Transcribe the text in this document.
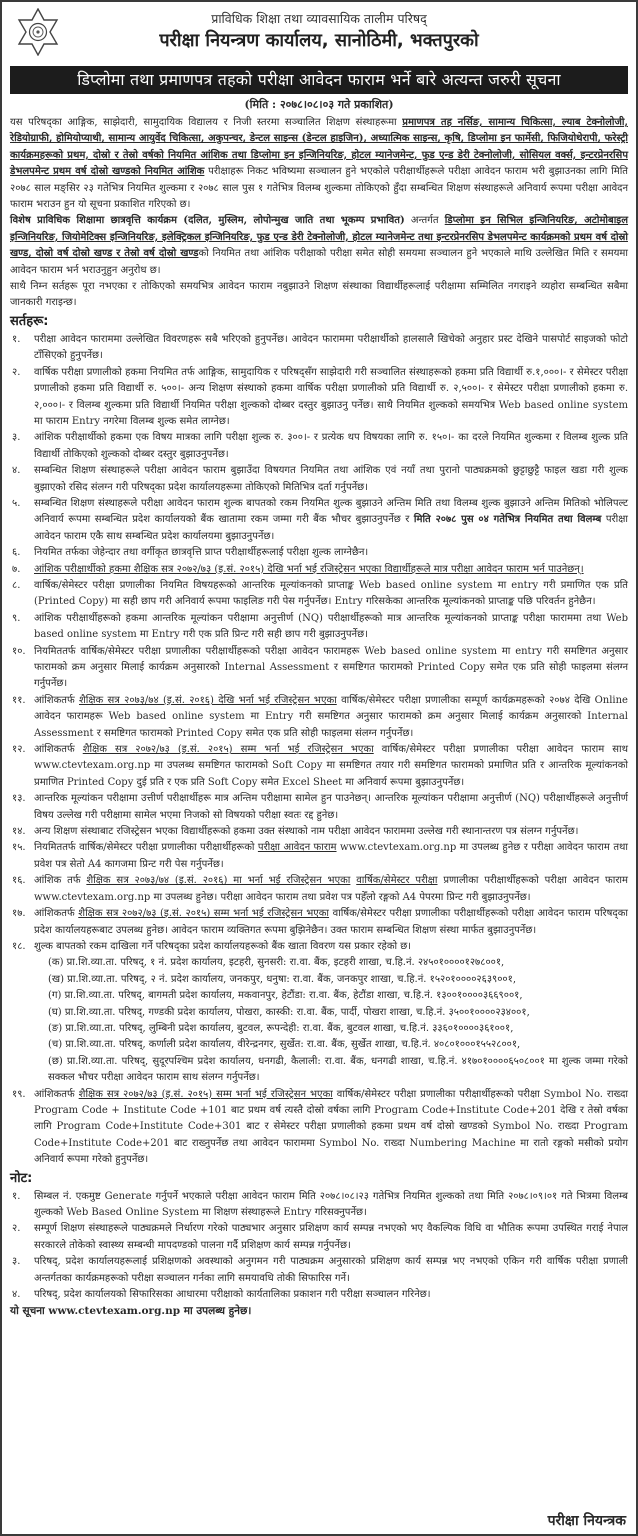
प्राविधिक शिक्षा तथा व्यावसायिक तालीम परिषद्
परीक्षा नियन्त्रण कार्यालय, सानोठिमी, भक्तपुरको
डिप्लोमा तथा प्रमाणपत्र तहको परीक्षा आवेदन फाराम भर्ने बारे अत्यन्त जरुरी सूचना
(मिति : २०७८।०८।०३ गते प्रकाशित)

यस परिषद्का आङ्गिक, साझेदारी, सामुदायिक विद्यालय र निजी स्तरमा सञ्चालित शिक्षण संस्थाहरूमा प्रमाणपत्र तह नर्सिङ, सामान्य चिकित्सा, ल्याब टेक्नोलोजी, रेडियोग्राफी, होमियोप्याथी, सामान्य आयुर्वेद चिकित्सा, अकुपन्चर, डेन्टल साइन्स (डेन्टल हाइजिन), अध्यात्मिक साइन्स, कृषि, डिप्लोमा इन फार्मेसी, फिजियोथेरापी, फरेस्ट्री कार्यक्रमहरूको प्रथम, दोस्रो र तेस्रो वर्षको नियमित आंशिक तथा डिप्लोमा इन इन्जिनियरिङ, होटल म्यानेजमेन्ट, फुड एन्ड डेरी टेक्नोलोजी, सोसियल वर्क्स, इन्टरप्रेनरसिप डेभलपमेन्ट प्रथम वर्ष दोस्रो खण्डको नियमित आंशिक परीक्षाहरू निकट भविष्यमा सञ्चालन हुने भएकोले परीक्षार्थीहरूले परीक्षा आवेदन फाराम भरी बुझाउनका लागि मिति २०७८ साल मङ्सिर २३ गतेभित्र नियमित शुल्कमा र २०७८ साल पुस १ गतेभित्र विलम्ब शुल्कमा तोकिएको हुँदा सम्बन्धित शिक्षण संस्थाहरूले अनिवार्य रूपमा परीक्षा आवेदन फाराम भराउन हुन यो सूचना प्रकाशित गरिएको छ।

विशेष प्राविधिक शिक्षामा छात्रवृत्ति कार्यक्रम (दलित, मुस्लिम, लोपोन्मुख जाति तथा भूकम्प प्रभावित) अन्तर्गत डिप्लोमा इन सिभिल इन्जिनियरिङ, अटोमोबाइल इन्जिनियरिङ, जियोमेटिक्स इन्जिनियरिङ, इलेक्ट्रिकल इन्जिनियरिङ, फुड एन्ड डेरी टेक्नोलोजी, होटल म्यानेजमेन्ट तथा इन्टरप्रेनरसिप डेभलपमेन्ट कार्यक्रमको प्रथम वर्ष दोस्रो खण्ड, दोस्रो वर्ष दोस्रो खण्ड र तेस्रो वर्ष दोस्रो खण्डको नियमित तथा आंशिक परीक्षाको परीक्षा समेत सोही समयमा सञ्चालन हुने भएकाले माथि उल्लेखित मिति र समयमा आवेदन फाराम भर्न भराउनुहुन अनुरोध छ।

साथै निम्न सर्तहरू पूरा नभएका र तोकिएको समयभित्र आवेदन फाराम नबुझाउने शिक्षण संस्थाका विद्यार्थीहरूलाई परीक्षामा सम्मिलित नगराइने व्यहोरा सम्बन्धित सबैमा जानकारी गराइन्छ।

सर्तहरू:
१. परीक्षा आवेदन फाराममा उल्लेखित विवरणहरू सबै भरिएको हुनुपर्नेछ। आवेदन फाराममा परीक्षार्थीको हालसालै खिचेको अनुहार प्रस्ट देखिने पासपोर्ट साइजको फोटो टाँसिएको हुनुपर्नेछ।
२. वार्षिक परीक्षा प्रणालीको हकमा नियमित तर्फ आङ्गिक, सामुदायिक र परिषद्सँग साझेदारी गरी सञ्चालित संस्थाहरूको हकमा प्रति विद्यार्थी रु.१,०००।- र सेमेस्टर परीक्षा प्रणालीको हकमा प्रति विद्यार्थी रु. ५००।- अन्य शिक्षण संस्थाको हकमा वार्षिक परीक्षा प्रणालीको प्रति विद्यार्थी रु. २,५००।- र सेमेस्टर परीक्षा प्रणालीको हकमा रु. २,०००।- र विलम्ब शुल्कमा प्रति विद्यार्थी नियमित परीक्षा शुल्कको दोब्बर दस्तुर बुझाउनु पर्नेछ। साथै नियमित शुल्कको समयभित्र Web based online system मा फाराम Entry नगरेमा विलम्ब शुल्क समेत लाग्नेछ।
३. आंशिक परीक्षार्थीको हकमा एक विषय मात्रका लागि परीक्षा शुल्क रु. ३००।- र प्रत्येक थप विषयका लागि रु. १५०।- का दरले नियमित शुल्कमा र विलम्ब शुल्क प्रति विद्यार्थी तोकिएको शुल्कको दोब्बर दस्तुर बुझाउनुपर्नेछ।
४. सम्बन्धित शिक्षण संस्थाहरूले परीक्षा आवेदन फाराम बुझाउँदा विषयगत नियमित तथा आंशिक एवं नयाँ तथा पुरानो पाठ्यक्रमको छुट्टाछुट्टै फाइल खडा गरी शुल्क बुझाएको रसिद संलग्न गरी परिषद्का प्रदेश कार्यालयहरूमा तोकिएको मितिभित्र दर्ता गर्नुपर्नेछ।
५. सम्बन्धित शिक्षण संस्थाहरूले परीक्षा आवेदन फाराम शुल्क बापतको रकम नियमित शुल्क बुझाउने अन्तिम मिति तथा विलम्ब शुल्क बुझाउने अन्तिम मितिको भोलिपल्ट अनिवार्य रूपमा सम्बन्धित प्रदेश कार्यालयको बैंक खातामा रकम जम्मा गरी बैंक भौचर बुझाउनुपर्नेछ र मिति २०७८ पुस ०४ गतेभित्र नियमित तथा विलम्ब परीक्षा आवेदन फाराम एकै साथ सम्बन्धित प्रदेश कार्यालयमा बुझाउनुपर्नेछ।
६. नियमित तर्फका जेहेन्दार तथा वर्गीकृत छात्रवृत्ति प्राप्त परीक्षार्थीहरूलाई परीक्षा शुल्क लाग्नेछैन।
७. आंशिक परीक्षार्थीको हकमा शैक्षिक सत्र २०७२/७३ (इ.सं. २०१५) देखि भर्ना भई रजिस्ट्रेसन भएका विद्यार्थीहरूले मात्र परीक्षा आवेदन फाराम भर्न पाउनेछन्।
८. वार्षिक/सेमेस्टर परीक्षा प्रणालीका नियमित विषयहरूको आन्तरिक मूल्यांकनको प्राप्ताङ्क Web based online system मा entry गरी प्रमाणित एक प्रति (Printed Copy) मा सही छाप गरी अनिवार्य रूपमा फाइलिङ गरी पेस गर्नुपर्नेछ। Entry गरिसकेका आन्तरिक मूल्यांकनको प्राप्ताङ्क पछि परिवर्तन हुनेछैन।
९. आंशिक परीक्षार्थीहरूको हकमा आन्तरिक मूल्यांकन परीक्षामा अनुत्तीर्ण (NQ) परीक्षार्थीहरूको मात्र आन्तरिक मूल्यांकनको प्राप्ताङ्क परीक्षा फाराममा तथा Web based online system मा Entry गरी एक प्रति प्रिन्ट गरी सही छाप गरी बुझाउनुपर्नेछ।
१०. नियमिततर्फ वार्षिक/सेमेस्टर परीक्षा प्रणालीका परीक्षार्थीहरूको परीक्षा आवेदन फारामहरू Web based online system मा entry गरी समष्टिगत अनुसार फारामको क्रम अनुसार मिलाई कार्यक्रम अनुसारको Internal Assessment र समष्टिगत फारामको Printed Copy समेत एक प्रति सोही फाइलमा संलग्न गर्नुपर्नेछ।
११. आंशिकतर्फ शैक्षिक सत्र २०७३/७४ (इ.सं. २०१६) देखि भर्ना भई रजिस्ट्रेसन भएका वार्षिक/सेमेस्टर परीक्षा प्रणालीका सम्पूर्ण कार्यक्रमहरूको २०७४ देखि Online आवेदन फारामहरू Web based online system मा Entry गरी समष्टिगत अनुसार फारामको क्रम अनुसार मिलाई कार्यक्रम अनुसारको Internal Assessment र समष्टिगत फारामको Printed Copy समेत एक प्रति सोही फाइलमा संलग्न गर्नुपर्नेछ।
१२. आंशिकतर्फ शैक्षिक सत्र २०७२/७३ (इ.सं. २०१५) सम्म भर्ना भई रजिस्ट्रेसन भएका वार्षिक/सेमेस्टर परीक्षा प्रणालीका परीक्षा आवेदन फाराम साथ www.ctevtexam.org.np मा उपलब्ध समष्टिगत फारामको Soft Copy मा समष्टिगत तयार गरी समष्टिगत फारामको प्रमाणित प्रति र आन्तरिक मूल्यांकनको प्रमाणित Printed Copy दुई प्रति र एक प्रति Soft Copy समेत Excel Sheet मा अनिवार्य रूपमा बुझाउनुपर्नेछ।
१३. आन्तरिक मूल्यांकन परीक्षामा उत्तीर्ण परीक्षार्थीहरू मात्र अन्तिम परीक्षामा सामेल हुन पाउनेछन्। आन्तरिक मूल्यांकन परीक्षामा अनुत्तीर्ण (NQ) परीक्षार्थीहरूले अनुत्तीर्ण विषय उल्लेख गरी परीक्षामा सामेल भएमा निजको सो विषयको परीक्षा स्वतः रद्द हुनेछ।
१४. अन्य शिक्षण संस्थाबाट रजिस्ट्रेसन भएका विद्यार्थीहरूको हकमा उक्त संस्थाको नाम परीक्षा आवेदन फाराममा उल्लेख गरी स्थानान्तरण पत्र संलग्न गर्नुपर्नेछ।
१५. नियमिततर्फ वार्षिक/सेमेस्टर परीक्षा प्रणालीका परीक्षार्थीहरूको परीक्षा आवेदन फाराम www.ctevtexam.org.np मा उपलब्ध हुनेछ र परीक्षा आवेदन फाराम तथा प्रवेश पत्र सेतो A4 कागजमा प्रिन्ट गरी पेस गर्नुपर्नेछ।
१६. आंशिक तर्फ शैक्षिक सत्र २०७३/७४ (इ.सं. २०१६) मा भर्ना भई रजिस्ट्रेसन भएका वार्षिक/सेमेस्टर परीक्षा प्रणालीका परीक्षार्थीहरूको परीक्षा आवेदन फाराम www.ctevtexam.org.np मा उपलब्ध हुनेछ। परीक्षा आवेदन फाराम तथा प्रवेश पत्र पहेँलो रङ्गको A4 पेपरमा प्रिन्ट गरी बुझाउनुपर्नेछ।
१७. आंशिकतर्फ शैक्षिक सत्र २०७२/७३ (इ.सं. २०१५) सम्म भर्ना भई रजिस्ट्रेसन भएका वार्षिक/सेमेस्टर परीक्षा प्रणालीका परीक्षार्थीहरूको परीक्षा आवेदन फाराम परिषद्का प्रदेश कार्यालयहरूबाट उपलब्ध हुनेछ। आवेदन फाराम व्यक्तिगत रूपमा बुझिनेछैन। उक्त फाराम सम्बन्धित शिक्षण संस्था मार्फत बुझाउनुपर्नेछ।
१८. शुल्क बापतको रकम दाखिला गर्ने परिषद्का प्रदेश कार्यालयहरूको बैंक खाता विवरण यस प्रकार रहेको छ।
(क) प्रा.शि.व्या.ता. परिषद्, १ नं. प्रदेश कार्यालय, इटहरी, सुनसरी: रा.वा. बैंक, इटहरी शाखा, च.हि.नं. २४५०१००००१२७८००१,
(ख) प्रा.शि.व्या.ता. परिषद्, २ नं. प्रदेश कार्यालय, जनकपुर, धनुषा: रा.वा. बैंक, जनकपुर शाखा, च.हि.नं. १५२०१००००२६३९००१,
(ग) प्रा.शि.व्या.ता. परिषद्, बागमती प्रदेश कार्यालय, मकवानपुर, हेटौंडा: रा.वा. बैंक, हेटौंडा शाखा, च.हि.नं. १३००१००००३६६९००१,
(घ) प्रा.शि.व्या.ता. परिषद्, गण्डकी प्रदेश कार्यालय, पोखरा, कास्की: रा.वा. बैंक, पार्दी, पोखरा शाखा, च.हि.नं. ३५००१००००२३४००१,
(ङ) प्रा.शि.व्या.ता. परिषद्, लुम्बिनी प्रदेश कार्यालय, बुटवल, रूपन्देही: रा.वा. बैंक, बुटवल शाखा, च.हि.नं. ३३६०१००००३६१००१,
(च) प्रा.शि.व्या.ता. परिषद्, कर्णाली प्रदेश कार्यालय, वीरेन्द्रनगर, सुर्खेत: रा.वा. बैंक, सुर्खेत शाखा, च.हि.नं. ४०८०१०००१५५२८००१,
(छ) प्रा.शि.व्या.ता. परिषद्, सुदूरपश्चिम प्रदेश कार्यालय, धनगढी, कैलाली: रा.वा. बैंक, धनगढी शाखा, च.हि.नं. ४१७०१००००६५०८००१ मा शुल्क जम्मा गरेको सक्कल भौचर परीक्षा आवेदन फाराम साथ संलग्न गर्नुपर्नेछ।
१९. आंशिकतर्फ शैक्षिक सत्र २०७२/७३ (इ.सं. २०१५) सम्म भर्ना भई रजिस्ट्रेसन भएका वार्षिक/सेमेस्टर परीक्षा प्रणालीका परीक्षार्थीहरूको परीक्षा Symbol No. राख्दा Program Code + Institute Code +101 बाट प्रथम वर्ष त्यस्तै दोस्रो वर्षका लागि Program Code+Institute Code+201 देखि र तेस्रो वर्षका लागि Program Code+Institute Code+301 बाट र सेमेस्टर परीक्षा प्रणालीको हकमा प्रथम वर्ष दोस्रो खण्डको Symbol No. राख्दा Program Code+Institute Code+201 बाट राख्नुपर्नेछ तथा आवेदन फाराममा Symbol No. राख्दा Numbering Machine मा रातो रङ्गको मसीको प्रयोग अनिवार्य रूपमा गरेको हुनुपर्नेछ।
नोट:
१. सिम्बल नं. एकमुष्ट Generate गर्नुपर्ने भएकाले परीक्षा आवेदन फाराम मिति २०७८।०८।२३ गतेभित्र नियमित शुल्कको तथा मिति २०७८।०९।०१ गते भित्रमा विलम्ब शुल्कको Web Based Online System मा शिक्षण संस्थाहरूले Entry गरिसक्नुपर्नेछ।
२. सम्पूर्ण शिक्षण संस्थाहरूले पाठ्यक्रमले निर्धारण गरेको पाठ्यभार अनुसार प्रशिक्षण कार्य सम्पन्न नभएको भए वैकल्पिक विधि वा भौतिक रूपमा उपस्थित गराई नेपाल सरकारले तोकेको स्वास्थ्य सम्बन्धी मापदण्डको पालना गर्दै प्रशिक्षण कार्य सम्पन्न गर्नुपर्नेछ।
३. परिषद्, प्रदेश कार्यालयहरूलाई प्रशिक्षणको अवस्थाको अनुगमन गरी पाठ्यक्रम अनुसारको प्रशिक्षण कार्य सम्पन्न भए नभएको एकिन गरी वार्षिक परीक्षा प्रणाली अन्तर्गतका कार्यक्रमहरूको परीक्षा सञ्चालन गर्नका लागि समयावधि तोकी सिफारिस गर्ने।
४. परिषद्, प्रदेश कार्यालयको सिफारिसका आधारमा परीक्षाको कार्यतालिका प्रकाशन गरी परीक्षा सञ्चालन गरिनेछ।
यो सूचना www.ctevtexam.org.np मा उपलब्ध हुनेछ।
परीक्षा नियन्त्रक
